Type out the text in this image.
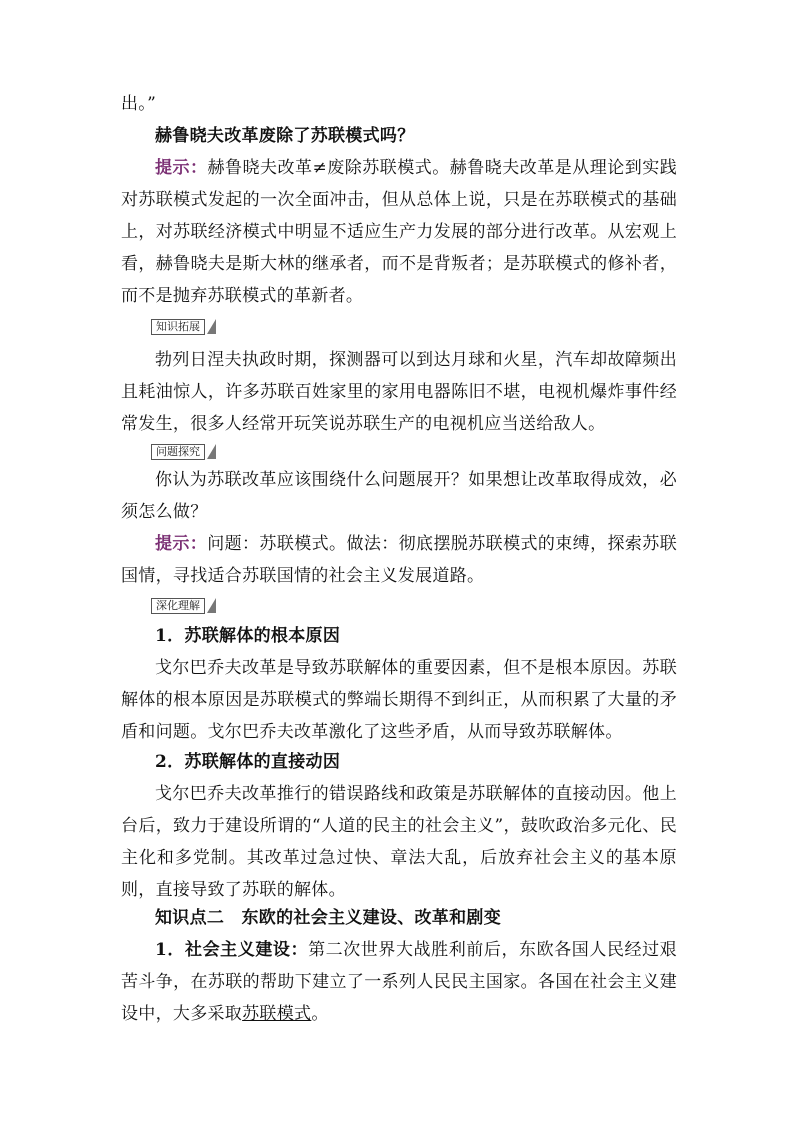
出。”

赫鲁晓夫改革废除了苏联模式吗？

提示：赫鲁晓夫改革≠废除苏联模式。赫鲁晓夫改革是从理论到实践对苏联模式发起的一次全面冲击，但从总体上说，只是在苏联模式的基础上，对苏联经济模式中明显不适应生产力发展的部分进行改革。从宏观上看，赫鲁晓夫是斯大林的继承者，而不是背叛者；是苏联模式的修补者，而不是抛弃苏联模式的革新者。

知识拓展

勃列日涅夫执政时期，探测器可以到达月球和火星，汽车却故障频出且耗油惊人，许多苏联百姓家里的家用电器陈旧不堪，电视机爆炸事件经常发生，很多人经常开玩笑说苏联生产的电视机应当送给敌人。

问题探究

你认为苏联改革应该围绕什么问题展开？如果想让改革取得成效，必须怎么做？

提示：问题：苏联模式。做法：彻底摆脱苏联模式的束缚，探索苏联国情，寻找适合苏联国情的社会主义发展道路。

深化理解

1．苏联解体的根本原因

戈尔巴乔夫改革是导致苏联解体的重要因素，但不是根本原因。苏联解体的根本原因是苏联模式的弊端长期得不到纠正，从而积累了大量的矛盾和问题。戈尔巴乔夫改革激化了这些矛盾，从而导致苏联解体。

2．苏联解体的直接动因

戈尔巴乔夫改革推行的错误路线和政策是苏联解体的直接动因。他上台后，致力于建设所谓的“人道的民主的社会主义”，鼓吹政治多元化、民主化和多党制。其改革过急过快、章法大乱，后放弃社会主义的基本原则，直接导致了苏联的解体。

知识点二　东欧的社会主义建设、改革和剧变

1．社会主义建设：第二次世界大战胜利前后，东欧各国人民经过艰苦斗争，在苏联的帮助下建立了一系列人民民主国家。各国在社会主义建设中，大多采取苏联模式。
